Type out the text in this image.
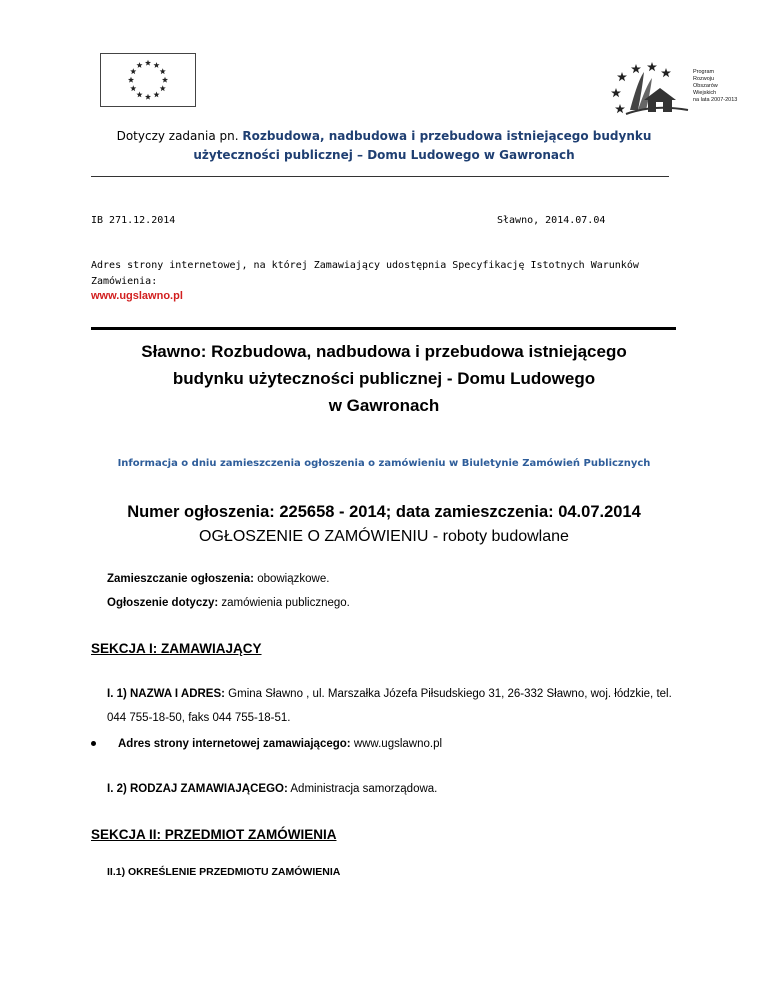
Program
Rozwoju
Obszarów
Wiejskich
na lata 2007-2013
Dotyczy zadania pn. Rozbudowa, nadbudowa i przebudowa istniejącego budynku
użyteczności publicznej – Domu Ludowego w Gawronach
IB 271.12.2014	Sławno, 2014.07.04
Adres strony internetowej, na której Zamawiający udostępnia Specyfikację Istotnych Warunków Zamówienia:
www.ugslawno.pl
Sławno: Rozbudowa, nadbudowa i przebudowa istniejącego
budynku użyteczności publicznej - Domu Ludowego
w Gawronach
Informacja o dniu zamieszczenia ogłoszenia o zamówieniu w Biuletynie Zamówień Publicznych
Numer ogłoszenia: 225658 - 2014; data zamieszczenia: 04.07.2014
OGŁOSZENIE O ZAMÓWIENIU - roboty budowlane
Zamieszczanie ogłoszenia: obowiązkowe.
Ogłoszenie dotyczy: zamówienia publicznego.
SEKCJA I: ZAMAWIAJĄCY
I. 1) NAZWA I ADRES: Gmina Sławno , ul. Marszałka Józefa Piłsudskiego 31, 26-332 Sławno, woj. łódzkie, tel. 044 755-18-50, faks 044 755-18-51.
Adres strony internetowej zamawiającego: www.ugslawno.pl
I. 2) RODZAJ ZAMAWIAJĄCEGO: Administracja samorządowa.
SEKCJA II: PRZEDMIOT ZAMÓWIENIA
II.1) OKREŚLENIE PRZEDMIOTU ZAMÓWIENIA
